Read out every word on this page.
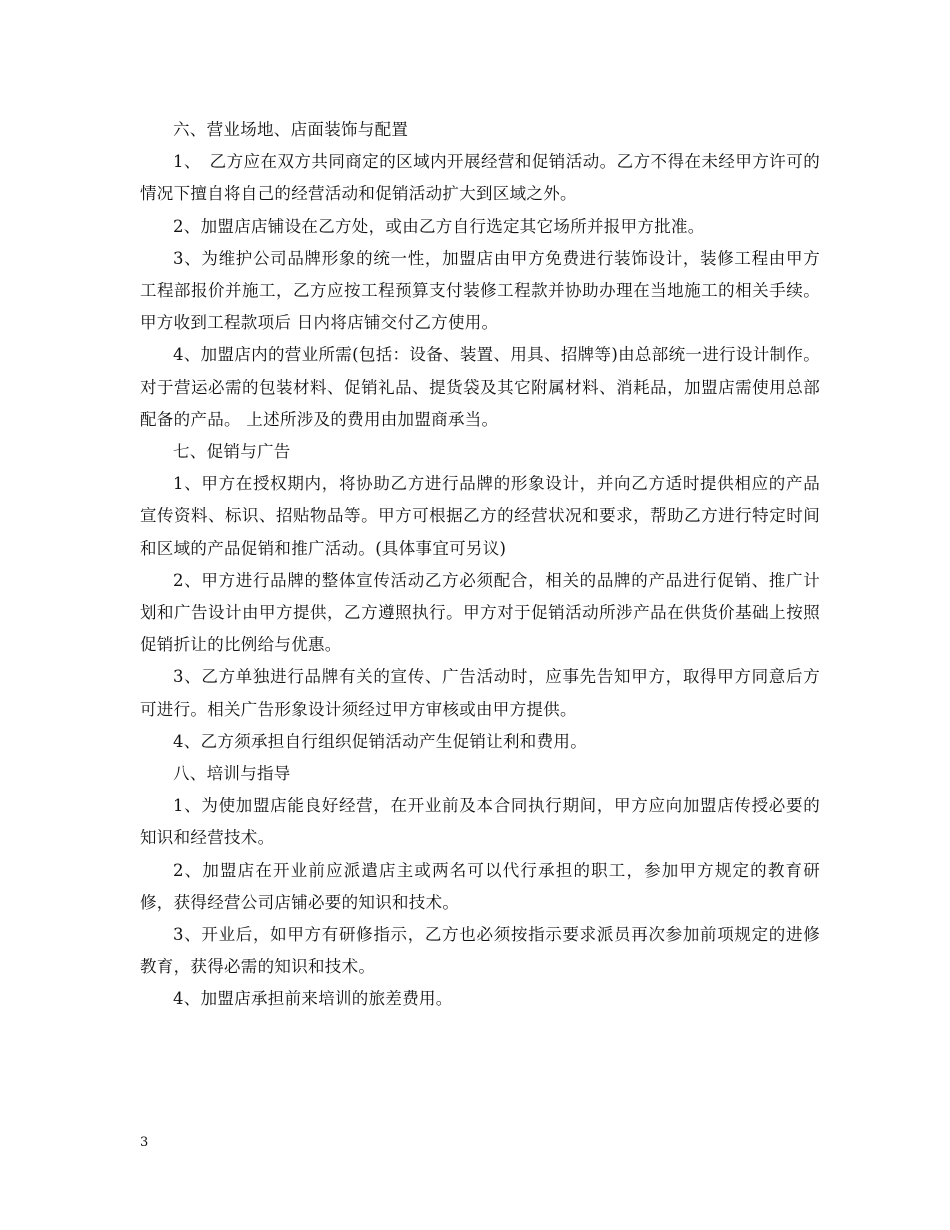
六、营业场地、店面装饰与配置

1、　乙方应在双方共同商定的区域内开展经营和促销活动。乙方不得在未经甲方许可的情况下擅自将自己的经营活动和促销活动扩大到区域之外。

2、加盟店店铺设在乙方处，或由乙方自行选定其它场所并报甲方批准。

3、为维护公司品牌形象的统一性，加盟店由甲方免费进行装饰设计，装修工程由甲方工程部报价并施工，乙方应按工程预算支付装修工程款并协助办理在当地施工的相关手续。甲方收到工程款项后 日内将店铺交付乙方使用。

4、加盟店内的营业所需(包括：设备、装置、用具、招牌等)由总部统一进行设计制作。对于营运必需的包装材料、促销礼品、提货袋及其它附属材料、消耗品，加盟店需使用总部配备的产品。 上述所涉及的费用由加盟商承当。

七、促销与广告

1、甲方在授权期内，将协助乙方进行品牌的形象设计，并向乙方适时提供相应的产品宣传资料、标识、招贴物品等。甲方可根据乙方的经营状况和要求，帮助乙方进行特定时间和区域的产品促销和推广活动。(具体事宜可另议)

2、甲方进行品牌的整体宣传活动乙方必须配合，相关的品牌的产品进行促销、推广计划和广告设计由甲方提供，乙方遵照执行。甲方对于促销活动所涉产品在供货价基础上按照促销折让的比例给与优惠。

3、乙方单独进行品牌有关的宣传、广告活动时，应事先告知甲方，取得甲方同意后方可进行。相关广告形象设计须经过甲方审核或由甲方提供。

4、乙方须承担自行组织促销活动产生促销让利和费用。

八、培训与指导

1、为使加盟店能良好经营，在开业前及本合同执行期间，甲方应向加盟店传授必要的知识和经营技术。

2、加盟店在开业前应派遣店主或两名可以代行承担的职工，参加甲方规定的教育研修，获得经营公司店铺必要的知识和技术。

3、开业后，如甲方有研修指示，乙方也必须按指示要求派员再次参加前项规定的进修教育，获得必需的知识和技术。

4、加盟店承担前来培训的旅差费用。

3
